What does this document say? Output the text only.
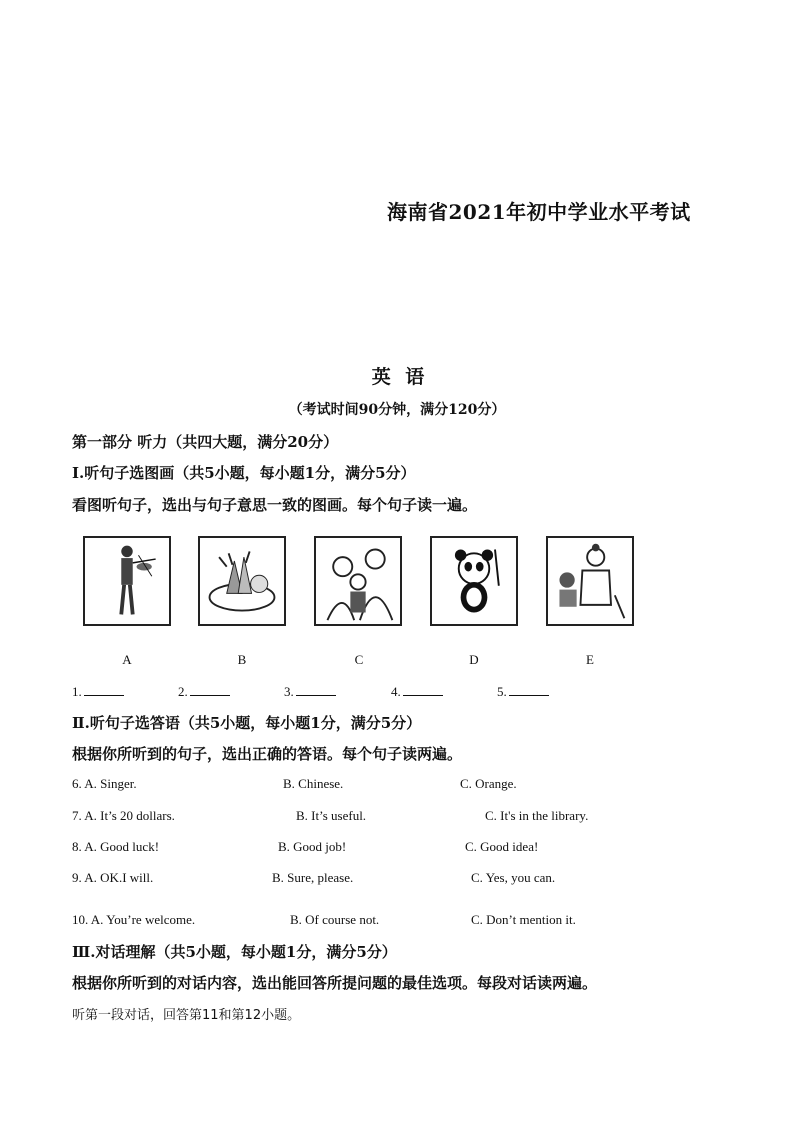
海南省2021年初中学业水平考试
英 语
（考试时间90分钟，满分120分）
第一部分 听力（共四大题，满分20分）
Ⅰ.听句子选图画（共5小题，每小题1分，满分5分）
看图听句子，选出与句子意思一致的图画。每个句子读一遍。
A	B	C	D	E
1.	2.	3.	4.	5.
Ⅱ.听句子选答语（共5小题，每小题1分，满分5分）
根据你所听到的句子，选出正确的答语。每个句子读两遍。
6. A. Singer.	B. Chinese.	C. Orange.
7. A. It’s 20 dollars.	B. It’s useful.	C. It's in the library.
8. A. Good luck!	B. Good job!	C. Good idea!
9. A. OK.I will.	B. Sure, please.	C. Yes, you can.
10. A. You’re welcome.	B. Of course not.	C. Don’t mention it.
Ⅲ.对话理解（共5小题，每小题1分，满分5分）
根据你所听到的对话内容，选出能回答所提问题的最佳选项。每段对话读两遍。
听第一段对话，回答第11和第12小题。
